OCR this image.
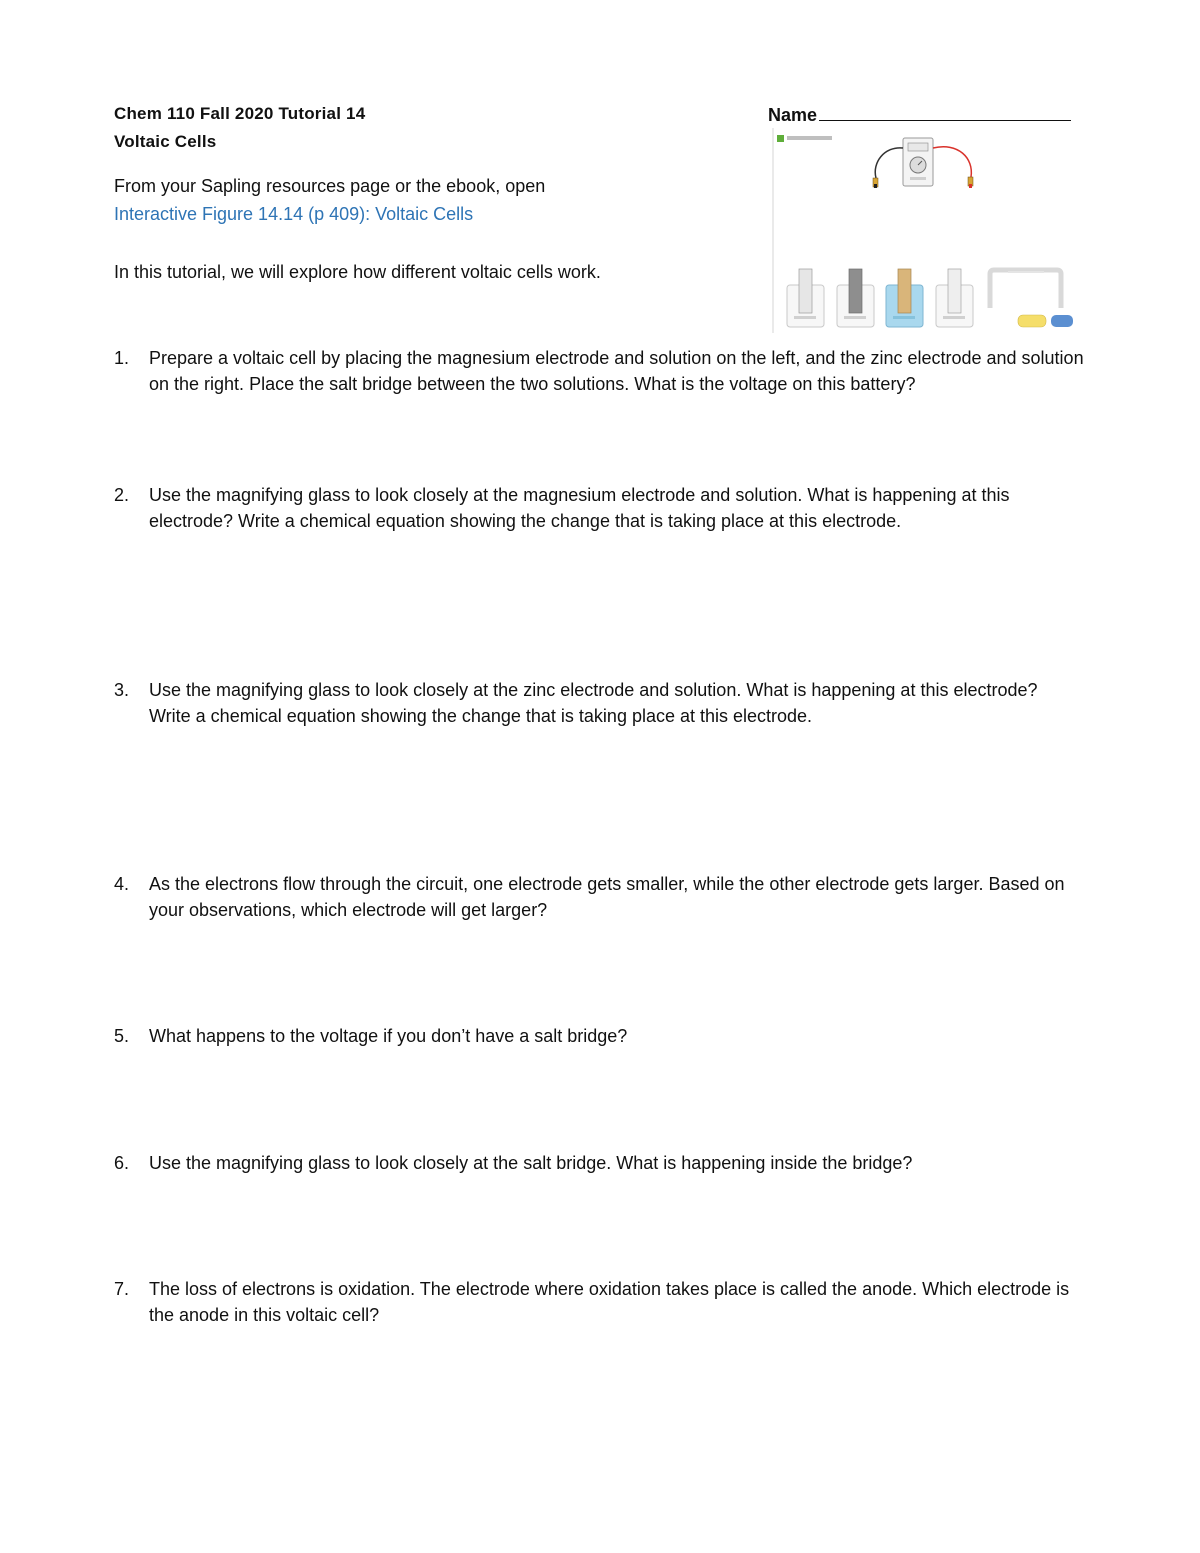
Chem 110 Fall 2020 Tutorial 14
Voltaic Cells
Name
From your Sapling resources page or the ebook, open
Interactive Figure 14.14 (p 409): Voltaic Cells
In this tutorial, we will explore how different voltaic cells work.
1. Prepare a voltaic cell by placing the magnesium electrode and solution on the left, and the zinc electrode and solution on the right. Place the salt bridge between the two solutions. What is the voltage on this battery?
2. Use the magnifying glass to look closely at the magnesium electrode and solution. What is happening at this electrode? Write a chemical equation showing the change that is taking place at this electrode.
3. Use the magnifying glass to look closely at the zinc electrode and solution. What is happening at this electrode? Write a chemical equation showing the change that is taking place at this electrode.
4. As the electrons flow through the circuit, one electrode gets smaller, while the other electrode gets larger. Based on your observations, which electrode will get larger?
5. What happens to the voltage if you don’t have a salt bridge?
6. Use the magnifying glass to look closely at the salt bridge. What is happening inside the bridge?
7. The loss of electrons is oxidation. The electrode where oxidation takes place is called the anode. Which electrode is the anode in this voltaic cell?
